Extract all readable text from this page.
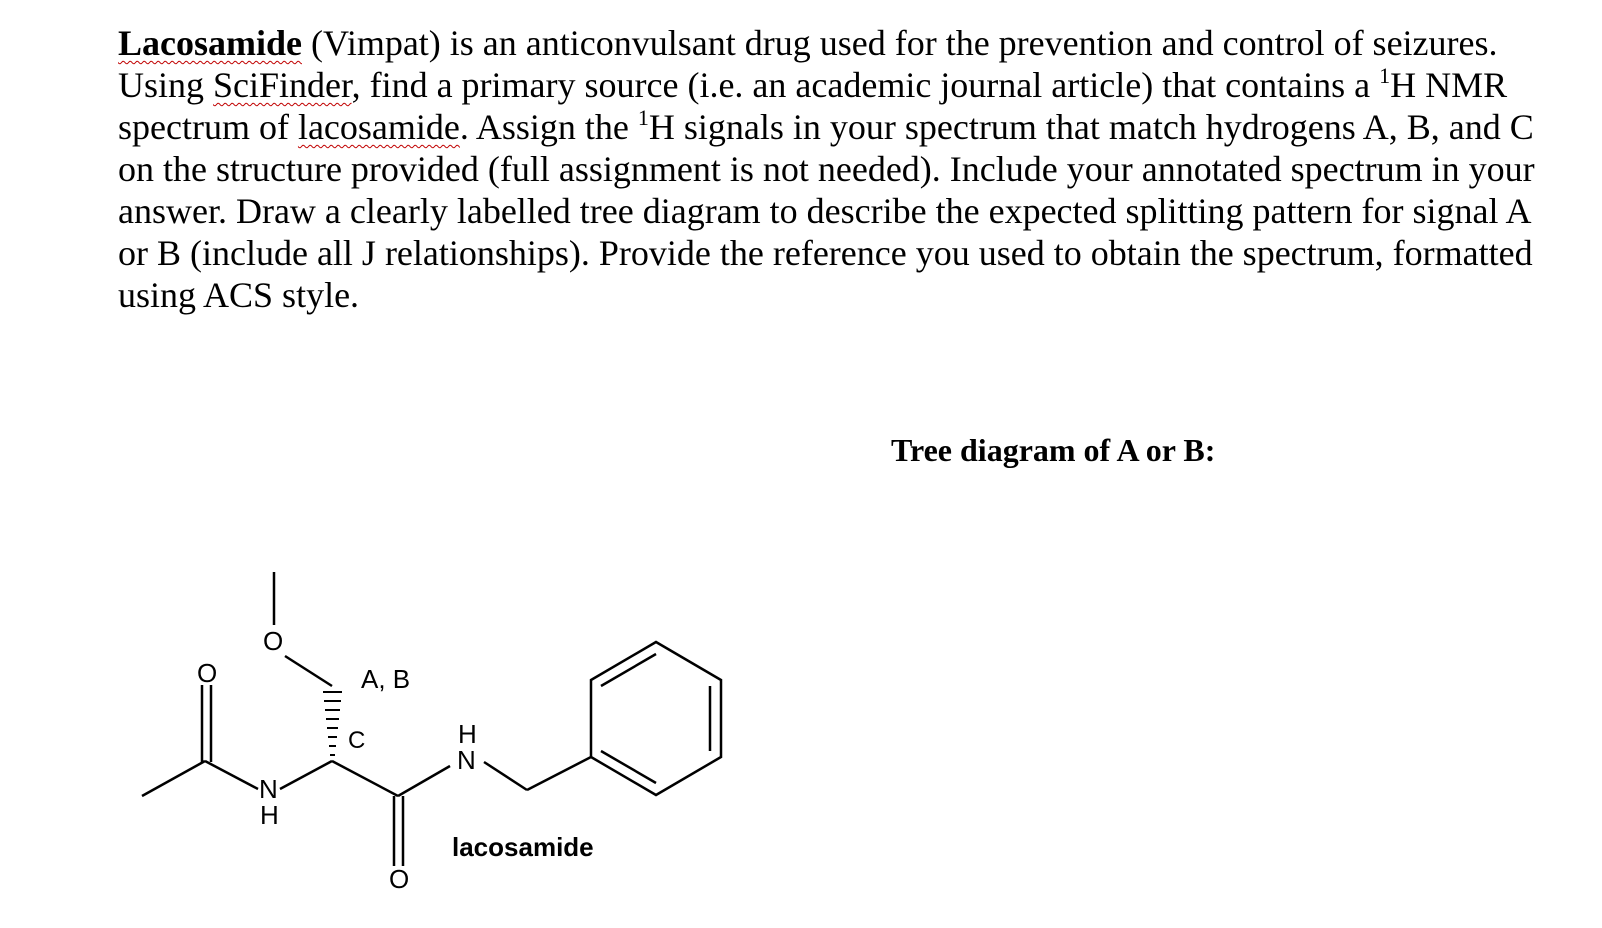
Lacosamide (Vimpat) is an anticonvulsant drug used for the prevention and control of seizures. Using SciFinder, find a primary source (i.e. an academic journal article) that contains a $^1$H NMR spectrum of lacosamide. Assign the $^1$H signals in your spectrum that match hydrogens A, B, and C on the structure provided (full assignment is not needed). Include your annotated spectrum in your answer. Draw a clearly labelled tree diagram to describe the expected splitting pattern for signal A or B (include all J relationships). Provide the reference you used to obtain the spectrum, formatted using ACS style.

Tree diagram of A or B:

O
O
O
N
H
N
H
A, B
C
lacosamide
